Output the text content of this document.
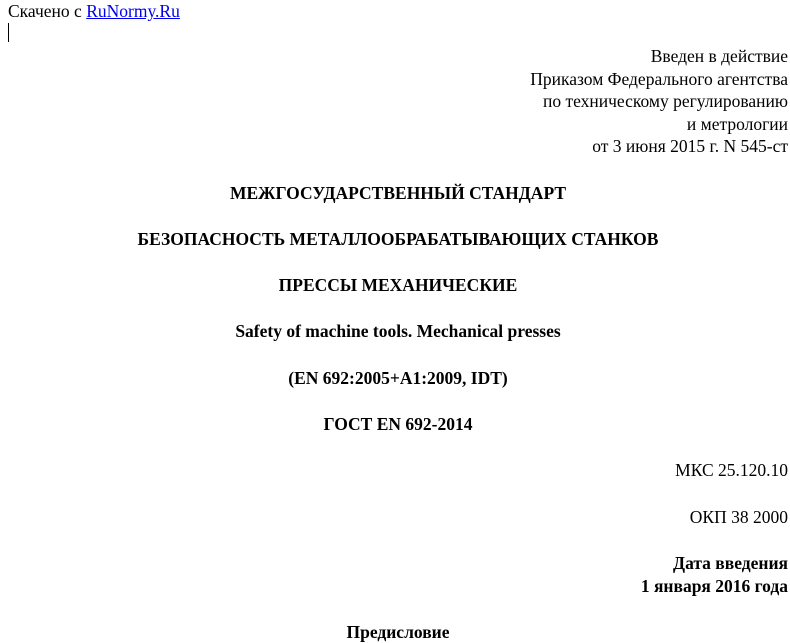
Скачено с RuNormy.Ru
Введен в действие
Приказом Федерального агентства
по техническому регулированию
и метрологии
от 3 июня 2015 г. N 545-ст
МЕЖГОСУДАРСТВЕННЫЙ СТАНДАРТ
БЕЗОПАСНОСТЬ МЕТАЛЛООБРАБАТЫВАЮЩИХ СТАНКОВ
ПРЕССЫ МЕХАНИЧЕСКИЕ
Safety of machine tools. Mechanical presses
(EN 692:2005+A1:2009, IDT)
ГОСТ EN 692-2014
МКС 25.120.10
ОКП 38 2000
Дата введения
1 января 2016 года
Предисловие
